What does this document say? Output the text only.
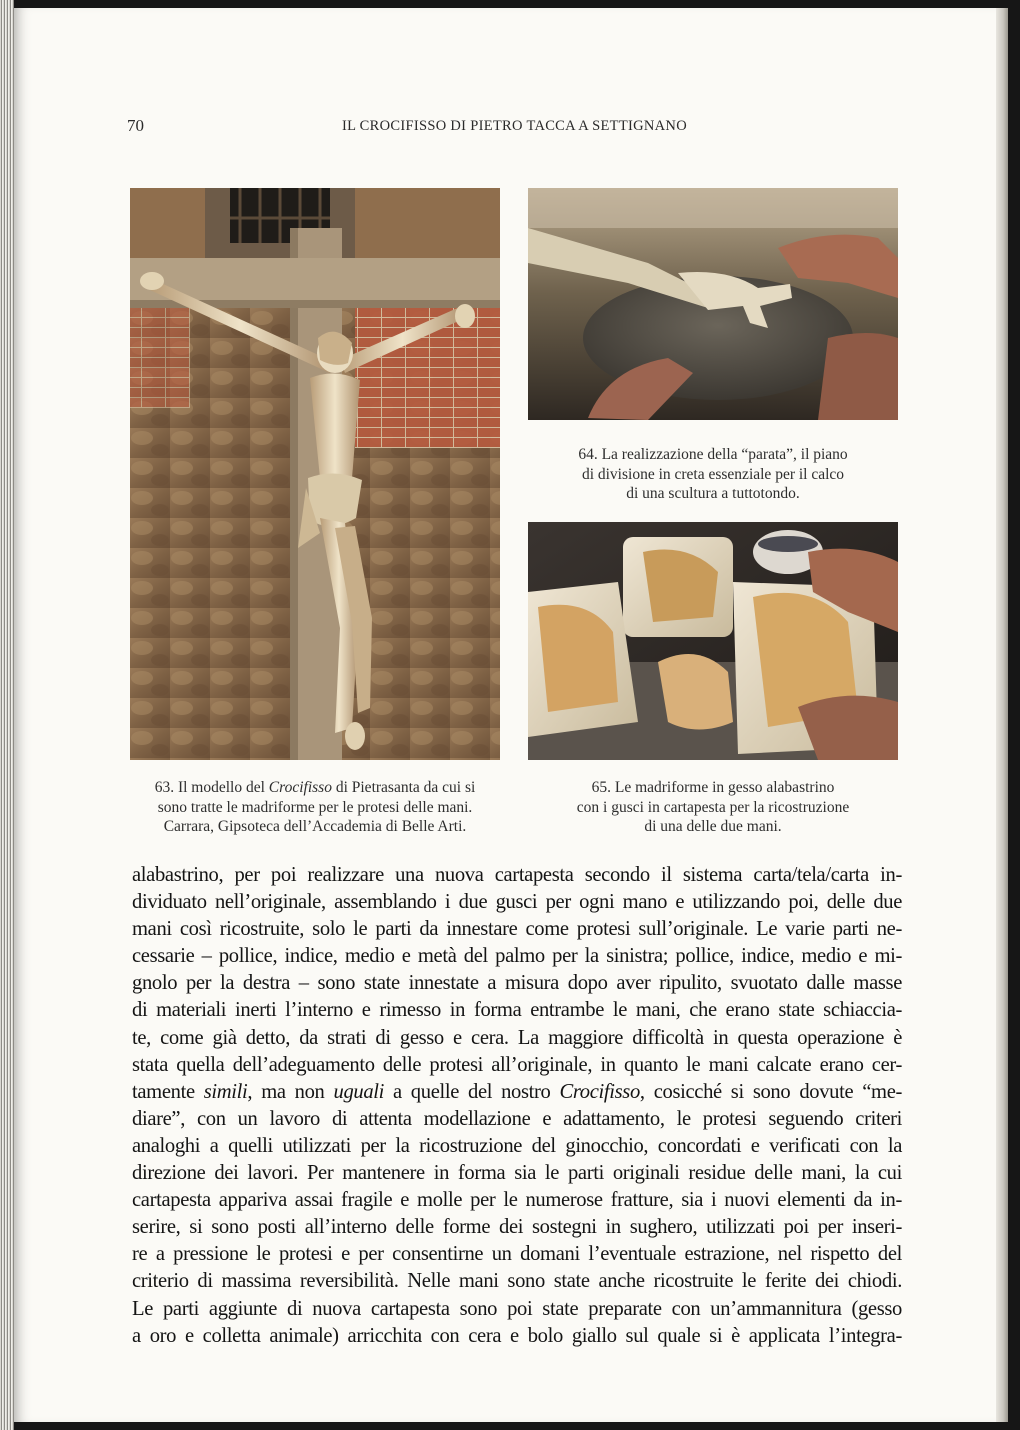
70	IL CROCIFISSO DI PIETRO TACCA A SETTIGNANO
63. Il modello del Crocifisso di Pietrasanta da cui si
sono tratte le madriforme per le protesi delle mani.
Carrara, Gipsoteca dell’Accademia di Belle Arti.
64. La realizzazione della “parata”, il piano
di divisione in creta essenziale per il calco
di una scultura a tuttotondo.
65. Le madriforme in gesso alabastrino
con i gusci in cartapesta per la ricostruzione
di una delle due mani.
alabastrino, per poi realizzare una nuova cartapesta secondo il sistema carta/tela/carta in-
dividuato nell’originale, assemblando i due gusci per ogni mano e utilizzando poi, delle due
mani così ricostruite, solo le parti da innestare come protesi sull’originale. Le varie parti ne-
cessarie – pollice, indice, medio e metà del palmo per la sinistra; pollice, indice, medio e mi-
gnolo per la destra – sono state innestate a misura dopo aver ripulito, svuotato dalle masse
di materiali inerti l’interno e rimesso in forma entrambe le mani, che erano state schiaccia-
te, come già detto, da strati di gesso e cera. La maggiore difficoltà in questa operazione è
stata quella dell’adeguamento delle protesi all’originale, in quanto le mani calcate erano cer-
tamente simili, ma non uguali a quelle del nostro Crocifisso, cosicché si sono dovute “me-
diare”, con un lavoro di attenta modellazione e adattamento, le protesi seguendo criteri
analoghi a quelli utilizzati per la ricostruzione del ginocchio, concordati e verificati con la
direzione dei lavori. Per mantenere in forma sia le parti originali residue delle mani, la cui
cartapesta appariva assai fragile e molle per le numerose fratture, sia i nuovi elementi da in-
serire, si sono posti all’interno delle forme dei sostegni in sughero, utilizzati poi per inseri-
re a pressione le protesi e per consentirne un domani l’eventuale estrazione, nel rispetto del
criterio di massima reversibilità. Nelle mani sono state anche ricostruite le ferite dei chiodi.
Le parti aggiunte di nuova cartapesta sono poi state preparate con un’ammannitura (gesso
a oro e colletta animale) arricchita con cera e bolo giallo sul quale si è applicata l’integra-
